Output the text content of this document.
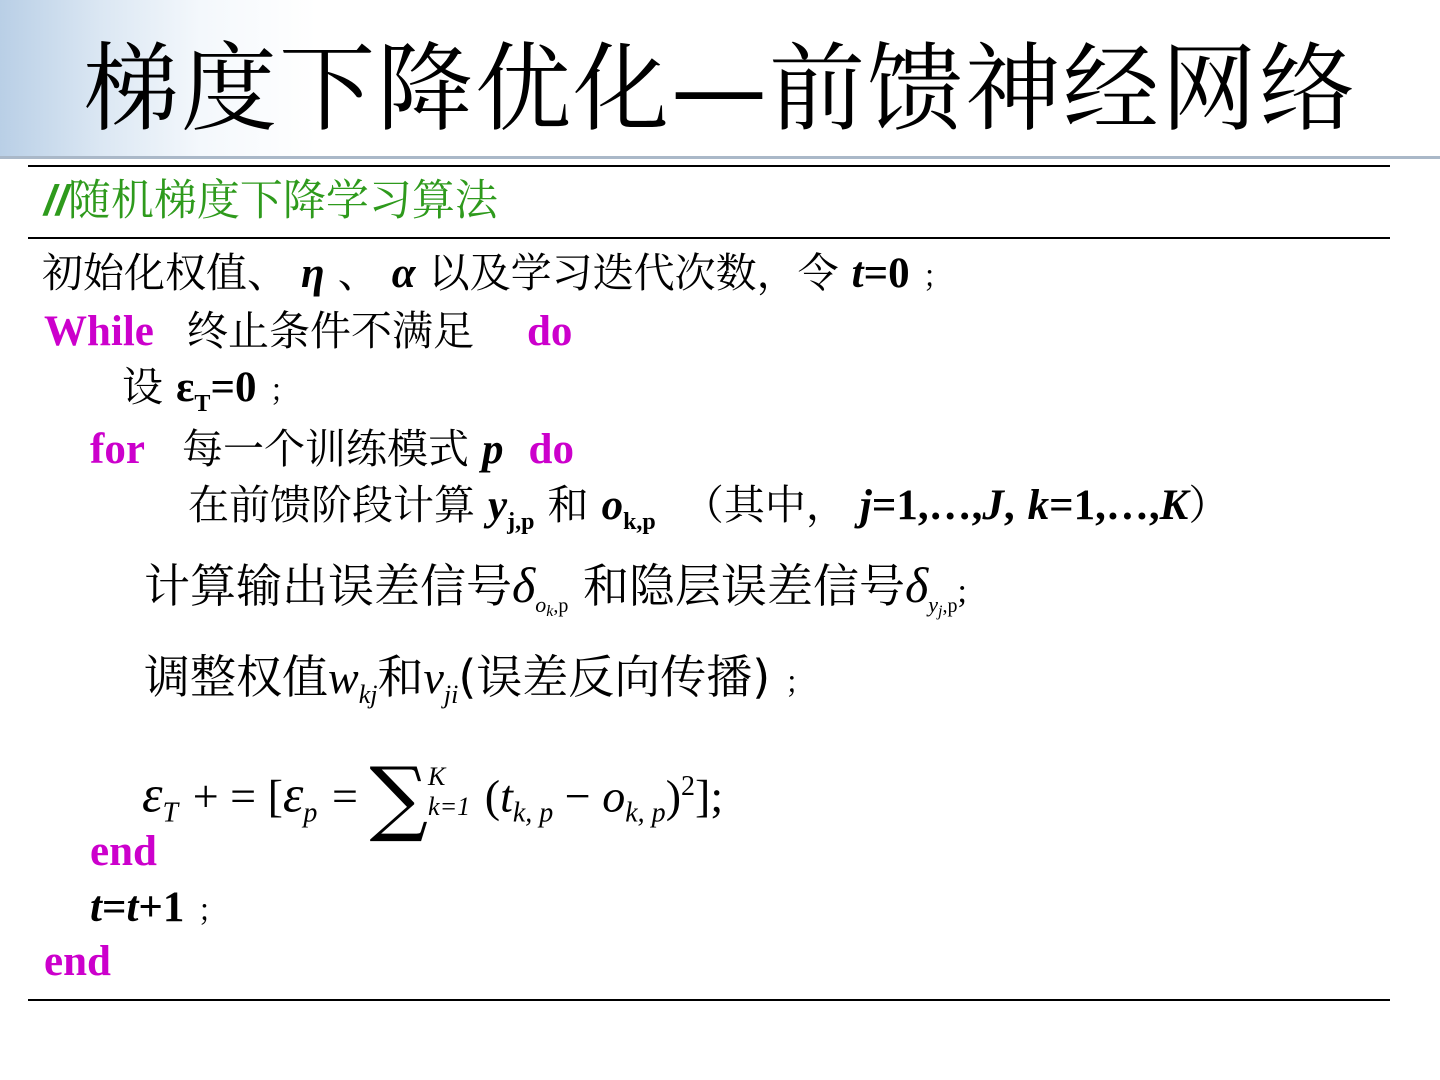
梯度下降优化—前馈神经网络
//随机梯度下降学习算法
初始化权值、 η 、 α 以及学习迭代次数，令 t=0 ；
While 终止条件不满足 do
设 $\varepsilon_T=0$ ；
for 每一个训练模式 p do
在前馈阶段计算 $y_{j,p}$ 和 $o_{k,p}$ （其中， j=1,…,J, k=1,…,K）
计算输出误差信号$\delta_{ok,p}$ 和隐层误差信号$\delta_{yj,p}$;
调整权值$w_{kj}$和$v_{ji}$(误差反向传播) ；
$\varepsilon_T$ + = [$\varepsilon_p$ = ∑ K
k=1 $(t_{k, p} - o_{k, p})^2$];
end
t=t+1 ；
end
